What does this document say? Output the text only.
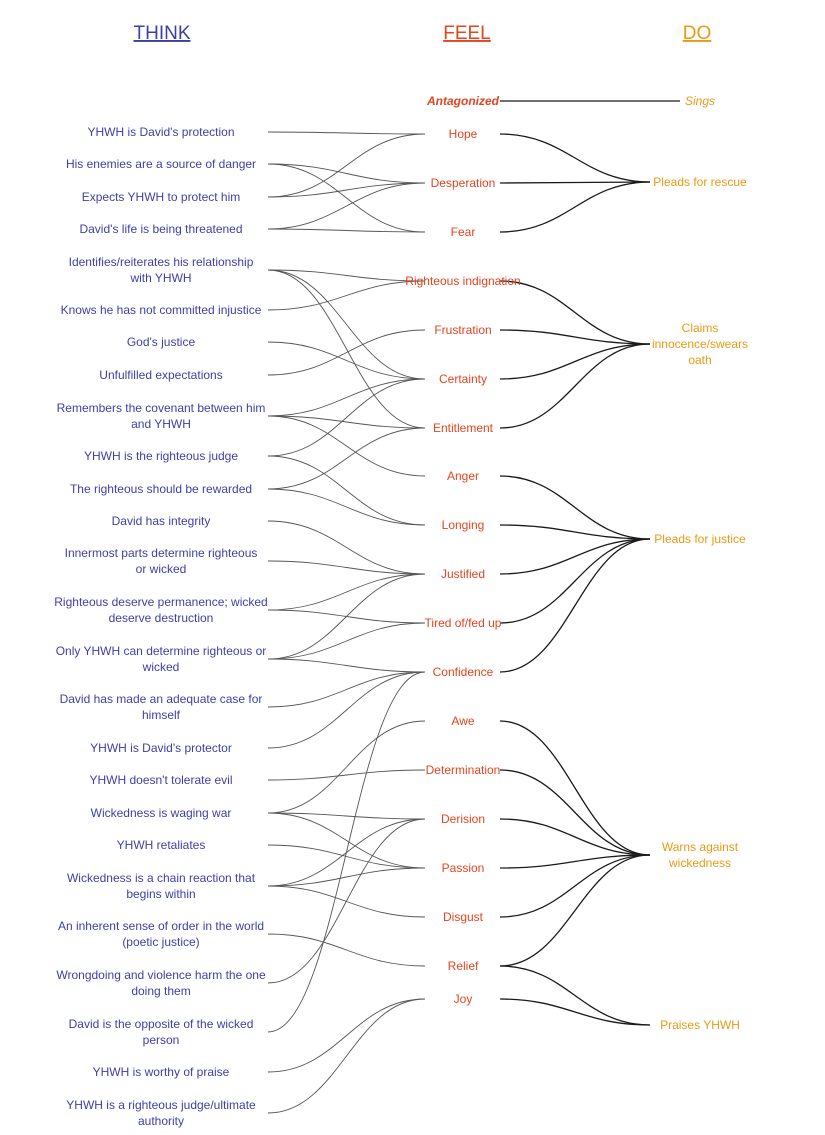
THINK	FEEL	DO
YHWH is David's protection
His enemies are a source of danger
Expects YHWH to protect him
David's life is being threatened
Identifies/reiterates his relationship with YHWH
Knows he has not committed injustice
God's justice
Unfulfilled expectations
Remembers the covenant between him and YHWH
YHWH is the righteous judge
The righteous should be rewarded
David has integrity
Innermost parts determine righteous or wicked
Righteous deserve permanence; wicked deserve destruction
Only YHWH can determine righteous or wicked
David has made an adequate case for himself
YHWH is David's protector
YHWH doesn't tolerate evil
Wickedness is waging war
YHWH retaliates
Wickedness is a chain reaction that begins within
An inherent sense of order in the world (poetic justice)
Wrongdoing and violence harm the one doing them
David is the opposite of the wicked person
YHWH is worthy of praise
YHWH is a righteous judge/ultimate authority
Antagonized
Hope
Desperation
Fear
Righteous indignation
Frustration
Certainty
Entitlement
Anger
Longing
Justified
Tired of/fed up
Confidence
Awe
Determination
Derision
Passion
Disgust
Relief
Joy
Sings
Pleads for rescue
Claims innocence/swears oath
Pleads for justice
Warns against wickedness
Praises YHWH
